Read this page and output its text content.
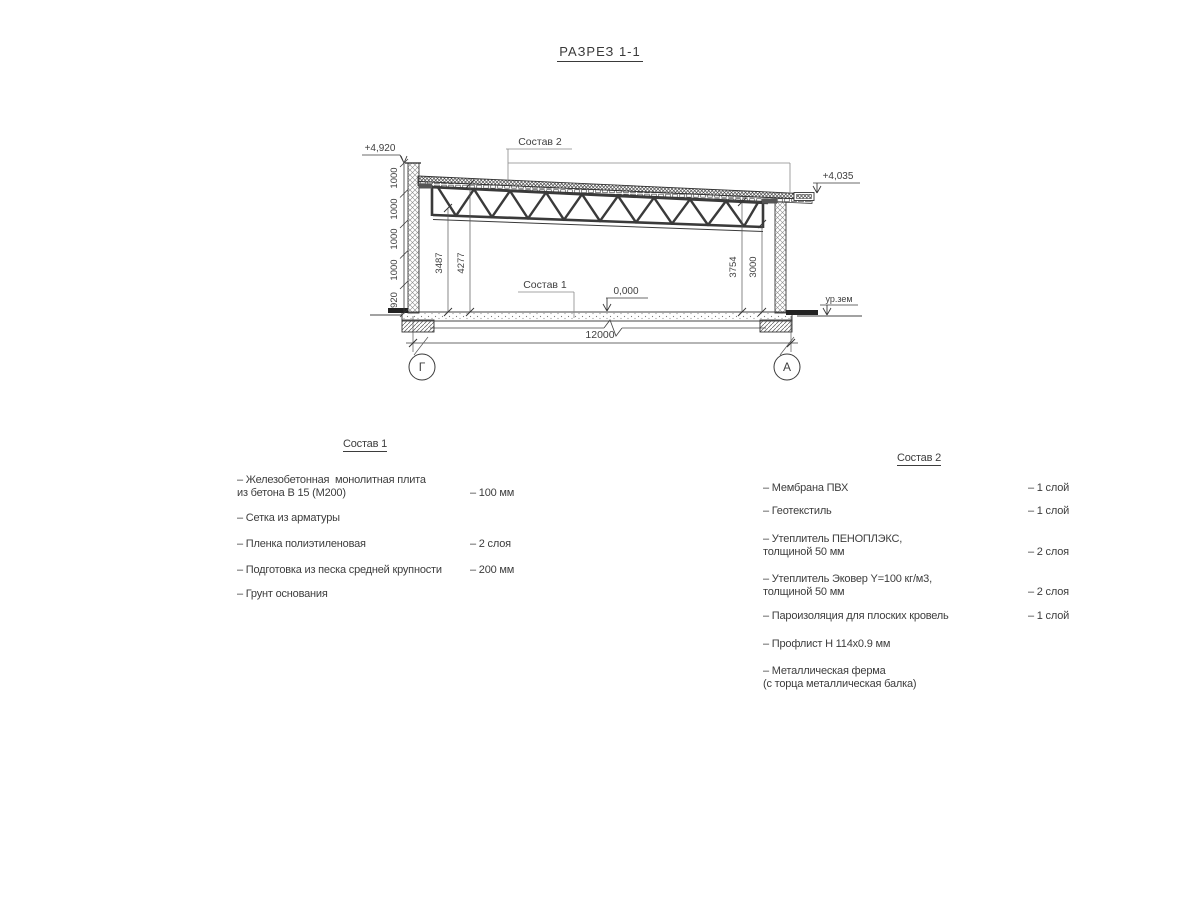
РАЗРЕЗ 1-1
1000
1000
1000
1000
920
3487 4277	3754 3000
+4,920
+4,035
0,000
ур.зем
Состав 2
Состав 1
12000
Г	А
Состав 1
– Железобетонная  монолитная плита
из бетона В 15 (М200)	– 100 мм
– Сетка из арматуры
– Пленка полиэтиленовая	– 2 слоя
– Подготовка из песка средней крупности	– 200 мм
– Грунт основания
Состав 2
– Мембрана ПВХ	– 1 слой
– Геотекстиль	– 1 слой
– Утеплитель ПЕНОПЛЭКС,
толщиной 50 мм	– 2 слоя
– Утеплитель Эковер Y=100 кг/м3,
толщиной 50 мм	– 2 слоя
– Пароизоляция для плоских кровель	– 1 слой
– Профлист Н 114х0.9 мм
– Металлическая ферма
(с торца металлическая балка)
